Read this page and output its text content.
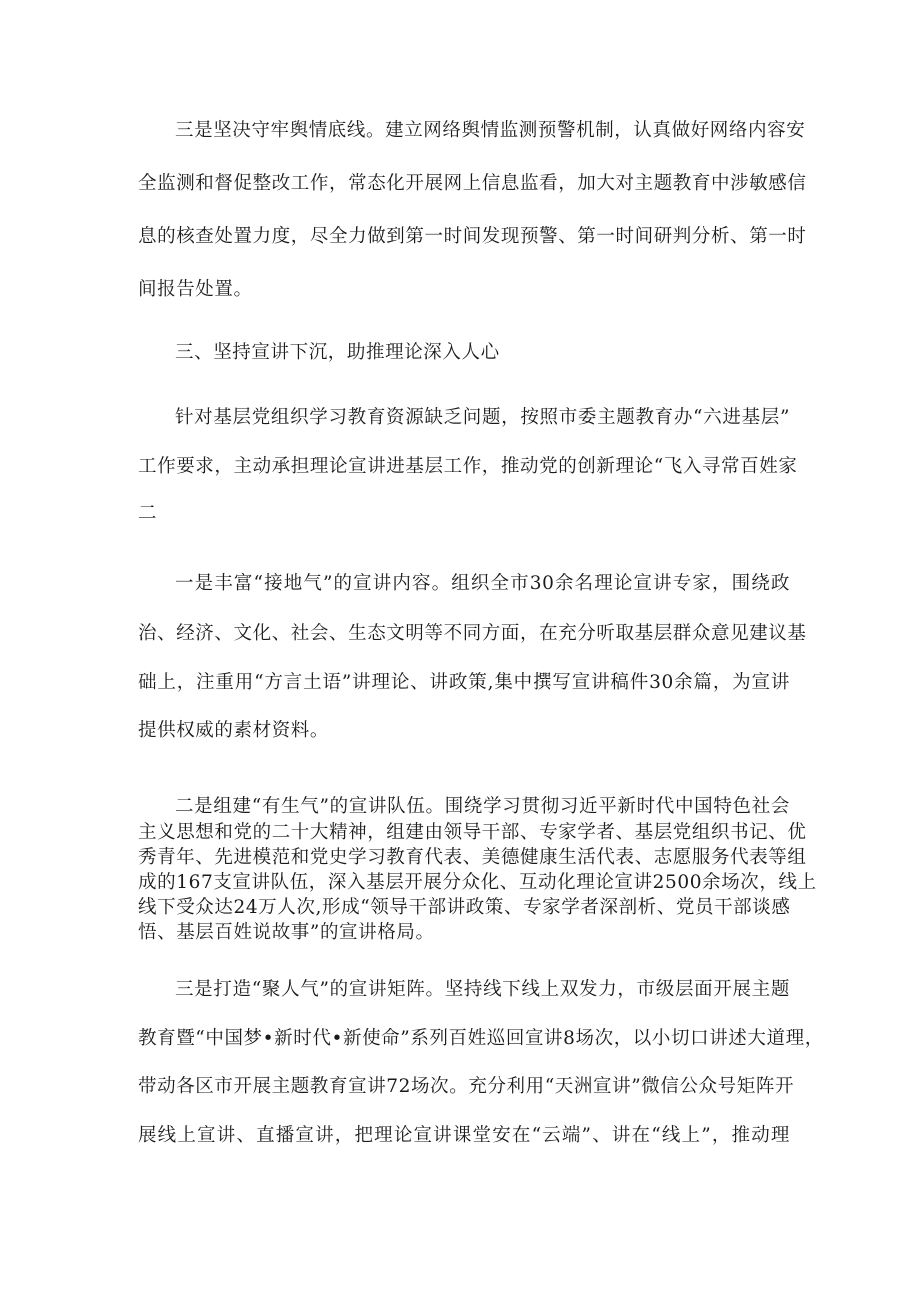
三是坚决守牢舆情底线。建立网络舆情监测预警机制，认真做好网络内容安
全监测和督促整改工作，常态化开展网上信息监看，加大对主题教育中涉敏感信
息的核查处置力度，尽全力做到第一时间发现预警、第一时间研判分析、第一时
间报告处置。
三、坚持宣讲下沉，助推理论深入人心
针对基层党组织学习教育资源缺乏问题，按照市委主题教育办“六进基层”
工作要求，主动承担理论宣讲进基层工作，推动党的创新理论“飞入寻常百姓家
二
一是丰富“接地气”的宣讲内容。组织全市30余名理论宣讲专家，围绕政
治、经济、文化、社会、生态文明等不同方面，在充分听取基层群众意见建议基
础上，注重用“方言土语”讲理论、讲政策,集中撰写宣讲稿件30余篇，为宣讲
提供权威的素材资料。
二是组建“有生气”的宣讲队伍。围绕学习贯彻习近平新时代中国特色社会
主义思想和党的二十大精神，组建由领导干部、专家学者、基层党组织书记、优
秀青年、先进模范和党史学习教育代表、美德健康生活代表、志愿服务代表等组
成的167支宣讲队伍，深入基层开展分众化、互动化理论宣讲2500余场次，线上
线下受众达24万人次,形成“领导干部讲政策、专家学者深剖析、党员干部谈感
悟、基层百姓说故事”的宣讲格局。
三是打造“聚人气”的宣讲矩阵。坚持线下线上双发力，市级层面开展主题
教育暨“中国梦•新时代•新使命”系列百姓巡回宣讲8场次，以小切口讲述大道理，
带动各区市开展主题教育宣讲72场次。充分利用“天洲宣讲”微信公众号矩阵开
展线上宣讲、直播宣讲，把理论宣讲课堂安在“云端”、讲在“线上”，推动理
